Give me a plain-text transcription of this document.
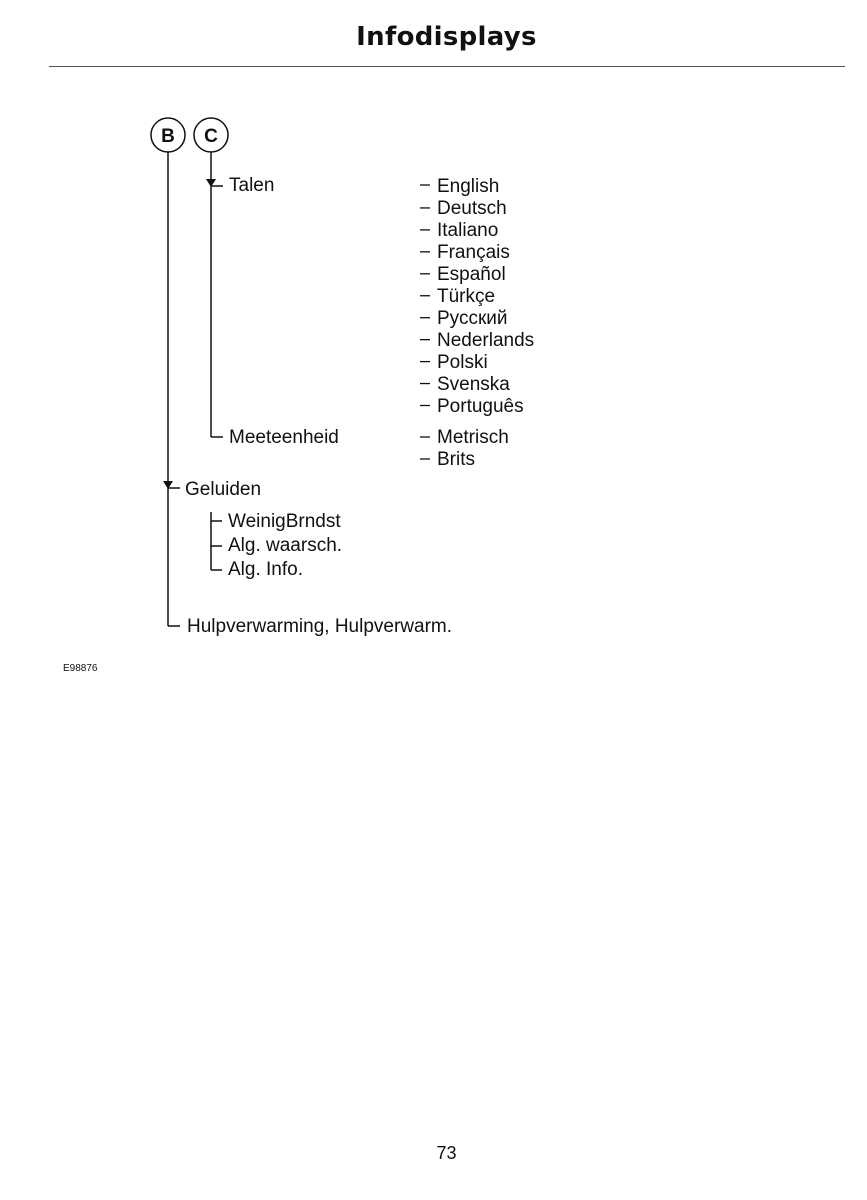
Infodisplays
B C
Talen
Meeteenheid
Geluiden
Hulpverwarming, Hulpverwarm.
WeinigBrndst
Alg. waarsch.
Alg. Info.
English
Deutsch
Italiano
Français
Español
Türkçe
Русский
Nederlands
Polski
Svenska
Português
Metrisch
Brits
E98876
73
